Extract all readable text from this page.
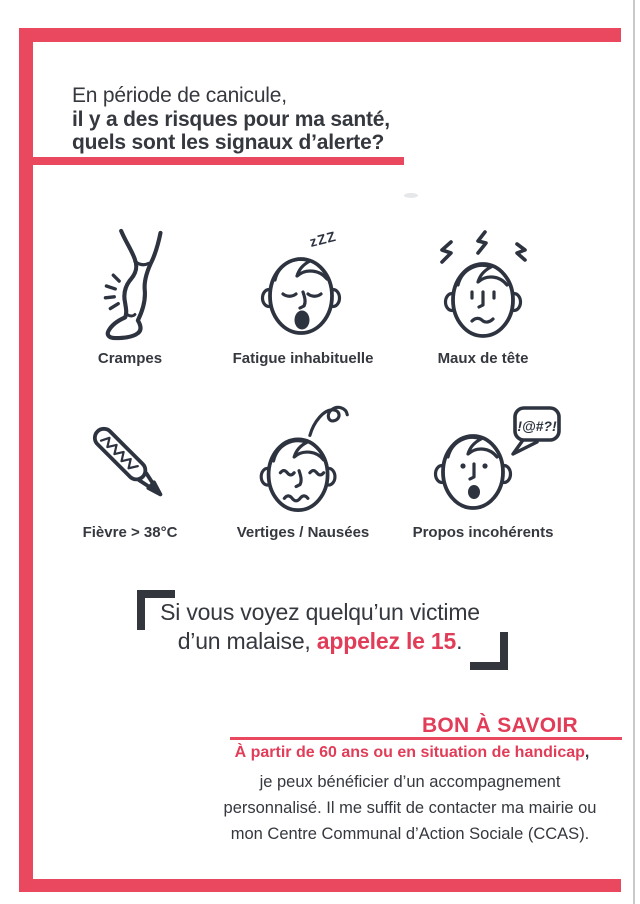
En période de canicule,
il y a des risques pour ma santé,
quels sont les signaux d’alerte?
Crampes
zZZ
Fatigue inhabituelle	Maux de tête
Fièvre > 38°C	Vertiges / Nausées
!@#?!
Propos incohérents
Si vous voyez quelqu’un victime
d’un malaise, appelez le 15.
BON À SAVOIR
À partir de 60 ans ou en situation de handicap,
je peux bénéficier d’un accompagnement
personnalisé. Il me suffit de contacter ma mairie ou
mon Centre Communal d’Action Sociale (CCAS).
